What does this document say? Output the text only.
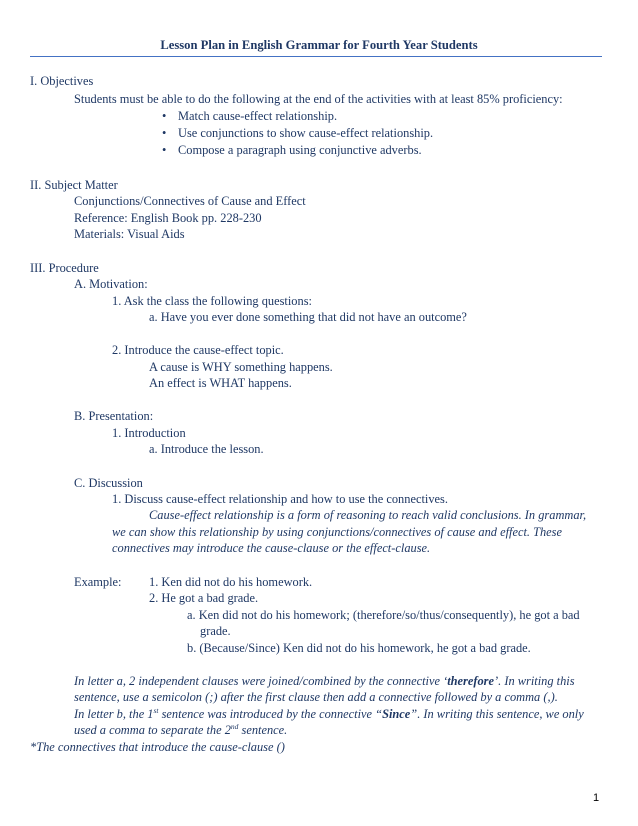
Lesson Plan in English Grammar for Fourth Year Students
I. Objectives
Students must be able to do the following at the end of the activities with at least 85% proficiency:
• Match cause-effect relationship.
• Use conjunctions to show cause-effect relationship.
• Compose a paragraph using conjunctive adverbs.
II. Subject Matter
Conjunctions/Connectives of Cause and Effect
Reference: English Book pp. 228-230
Materials: Visual Aids
III. Procedure
A. Motivation:
1. Ask the class the following questions:
a. Have you ever done something that did not have an outcome?
2. Introduce the cause-effect topic.
A cause is WHY something happens.
An effect is WHAT happens.
B. Presentation:
1. Introduction
a. Introduce the lesson.
C. Discussion
1. Discuss cause-effect relationship and how to use the connectives.
Cause-effect relationship is a form of reasoning to reach valid conclusions. In grammar,
we can show this relationship by using conjunctions/connectives of cause and effect. These
connectives may introduce the cause-clause or the effect-clause.
Example: 1. Ken did not do his homework.
2. He got a bad grade.
a. Ken did not do his homework; (therefore/so/thus/consequently), he got a bad
grade.
b. (Because/Since) Ken did not do his homework, he got a bad grade.
In letter a, 2 independent clauses were joined/combined by the connective ‘therefore’. In writing this
sentence, use a semicolon (;) after the first clause then add a connective followed by a comma (,).
In letter b, the 1st sentence was introduced by the connective “Since”. In writing this sentence, we only
used a comma to separate the 2nd sentence.
*The connectives that introduce the cause-clause ()
1
